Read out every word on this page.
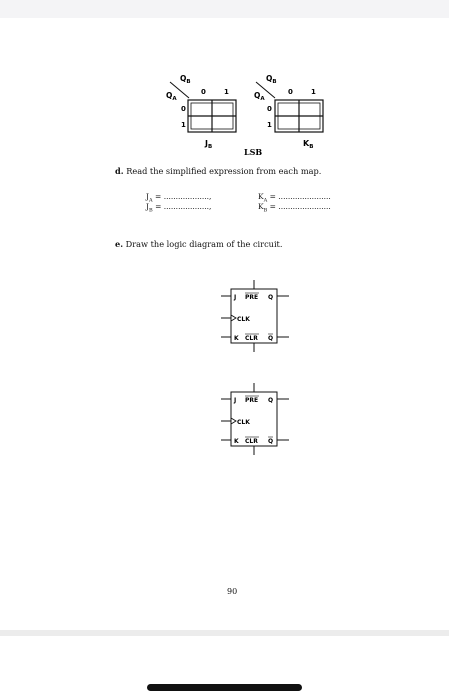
$Q_B$
$Q_A$
0	1
0
1
$J_B$
$Q_B$
$Q_A$
0	1
0
1
$K_B$
LSB
d. Read the simplified expression from each map.
$J_A$ = ...................,	$K_A$ = ......................
$J_B$ = ...................,	$K_B$ = ......................
e. Draw the logic diagram of the circuit.
J PRE Q
CLK
K CLR Q
J PRE Q
CLK
K CLR Q
90
